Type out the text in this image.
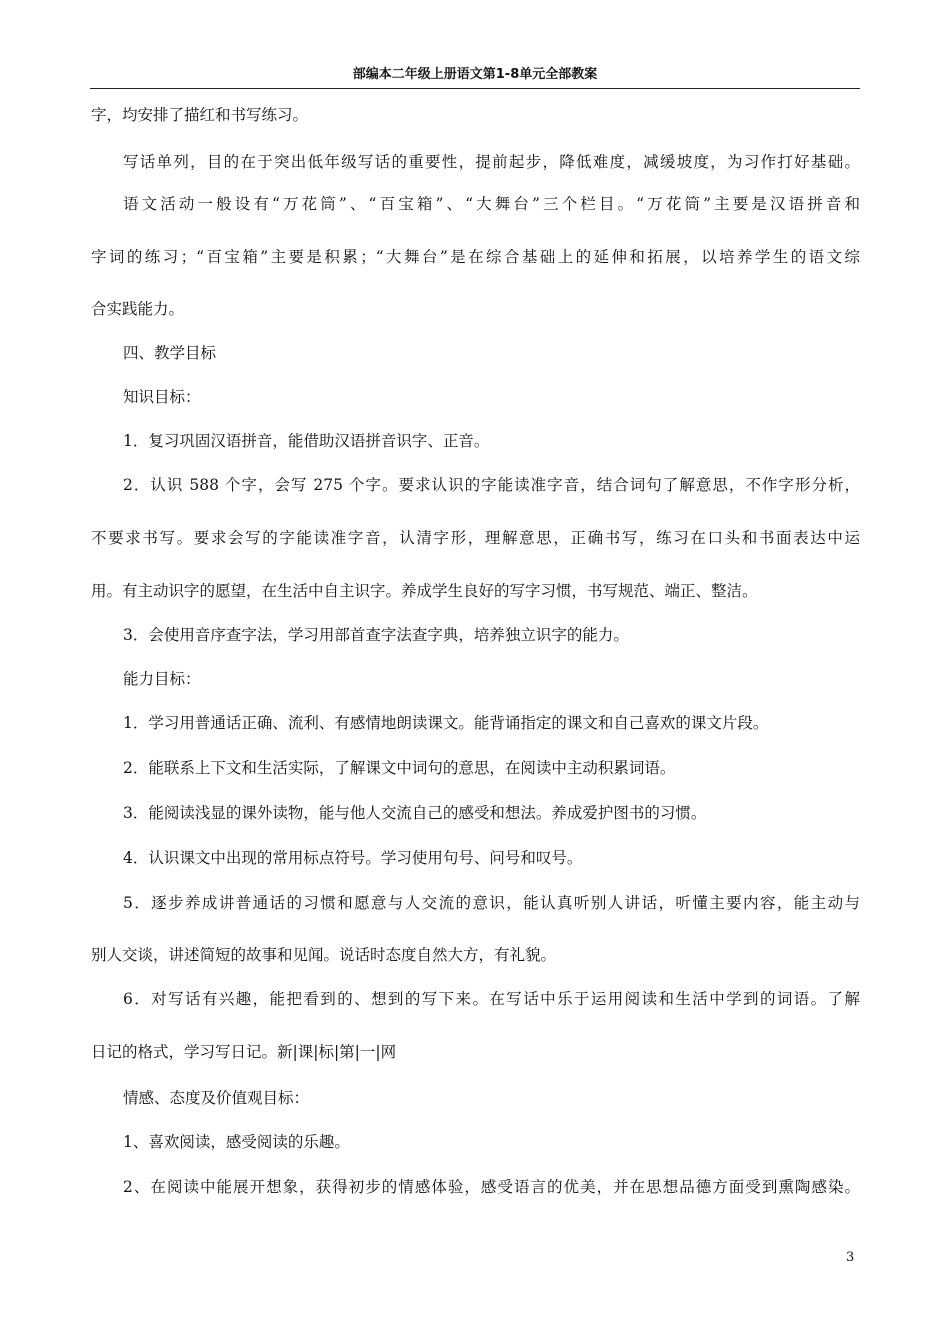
部编本二年级上册语文第1-8单元全部教案
字，均安排了描红和书写练习。
写话单列，目的在于突出低年级写话的重要性，提前起步，降低难度，减缓坡度，为习作打好基础。
语文活动一般设有“万花筒”、“百宝箱”、“大舞台”三个栏目。“万花筒”主要是汉语拼音和
字词的练习；“百宝箱”主要是积累；“大舞台”是在综合基础上的延伸和拓展，以培养学生的语文综
合实践能力。
四、教学目标
知识目标：
1．复习巩固汉语拼音，能借助汉语拼音识字、正音。
2．认识 588 个字，会写 275 个字。要求认识的字能读准字音，结合词句了解意思，不作字形分析，
不要求书写。要求会写的字能读准字音，认清字形，理解意思，正确书写，练习在口头和书面表达中运
用。有主动识字的愿望，在生活中自主识字。养成学生良好的写字习惯，书写规范、端正、整洁。
3．会使用音序查字法，学习用部首查字法查字典，培养独立识字的能力。
能力目标：
1．学习用普通话正确、流利、有感情地朗读课文。能背诵指定的课文和自己喜欢的课文片段。
2．能联系上下文和生活实际，了解课文中词句的意思，在阅读中主动积累词语。
3．能阅读浅显的课外读物，能与他人交流自己的感受和想法。养成爱护图书的习惯。
4．认识课文中出现的常用标点符号。学习使用句号、问号和叹号。
5．逐步养成讲普通话的习惯和愿意与人交流的意识，能认真听别人讲话，听懂主要内容，能主动与
别人交谈，讲述简短的故事和见闻。说话时态度自然大方，有礼貌。
6．对写话有兴趣，能把看到的、想到的写下来。在写话中乐于运用阅读和生活中学到的词语。了解
日记的格式，学习写日记。新|课|标|第|一|网
情感、态度及价值观目标：
1、喜欢阅读，感受阅读的乐趣。
2、在阅读中能展开想象，获得初步的情感体验，感受语言的优美，并在思想品德方面受到熏陶感染。
3
